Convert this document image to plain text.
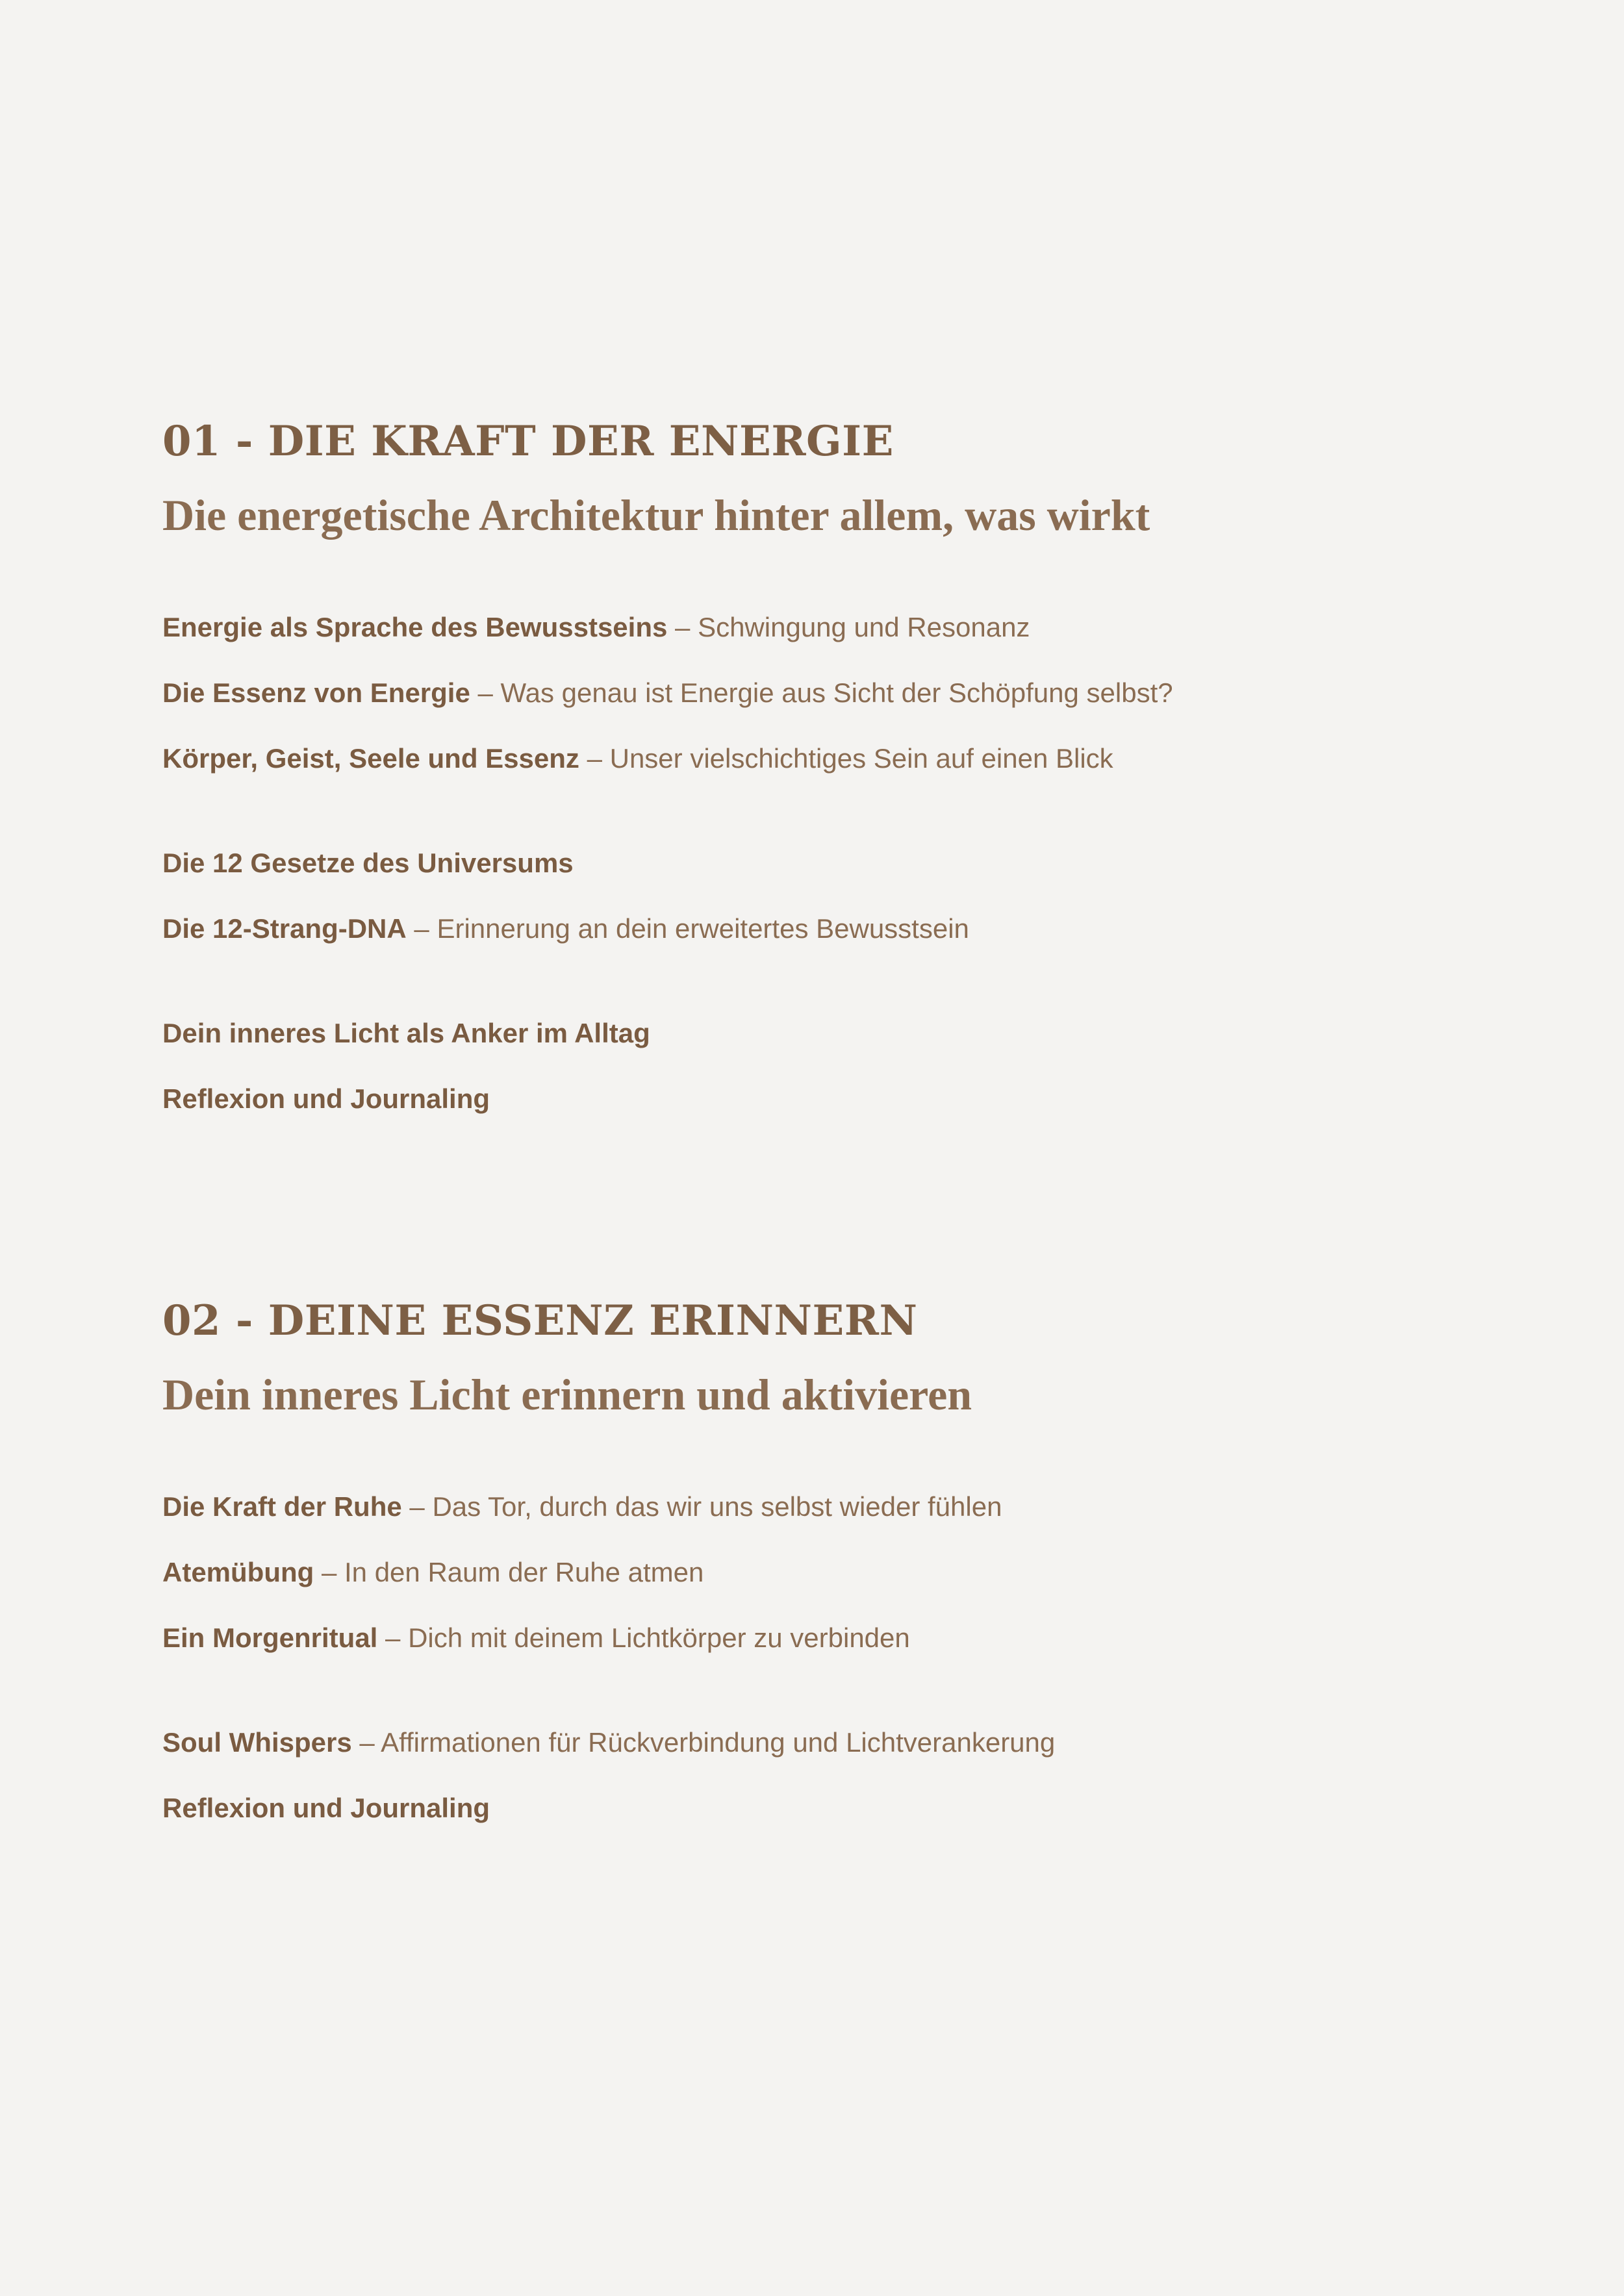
01 - DIE KRAFT DER ENERGIE
Die energetische Architektur hinter allem, was wirkt
Energie als Sprache des Bewusstseins – Schwingung und Resonanz
Die Essenz von Energie – Was genau ist Energie aus Sicht der Schöpfung selbst?
Körper, Geist, Seele und Essenz – Unser vielschichtiges Sein auf einen Blick
Die 12 Gesetze des Universums
Die 12-Strang-DNA – Erinnerung an dein erweitertes Bewusstsein
Dein inneres Licht als Anker im Alltag
Reflexion und Journaling
02 - DEINE ESSENZ ERINNERN
Dein inneres Licht erinnern und aktivieren
Die Kraft der Ruhe – Das Tor, durch das wir uns selbst wieder fühlen
Atemübung – In den Raum der Ruhe atmen
Ein Morgenritual – Dich mit deinem Lichtkörper zu verbinden
Soul Whispers – Affirmationen für Rückverbindung und Lichtverankerung
Reflexion und Journaling
